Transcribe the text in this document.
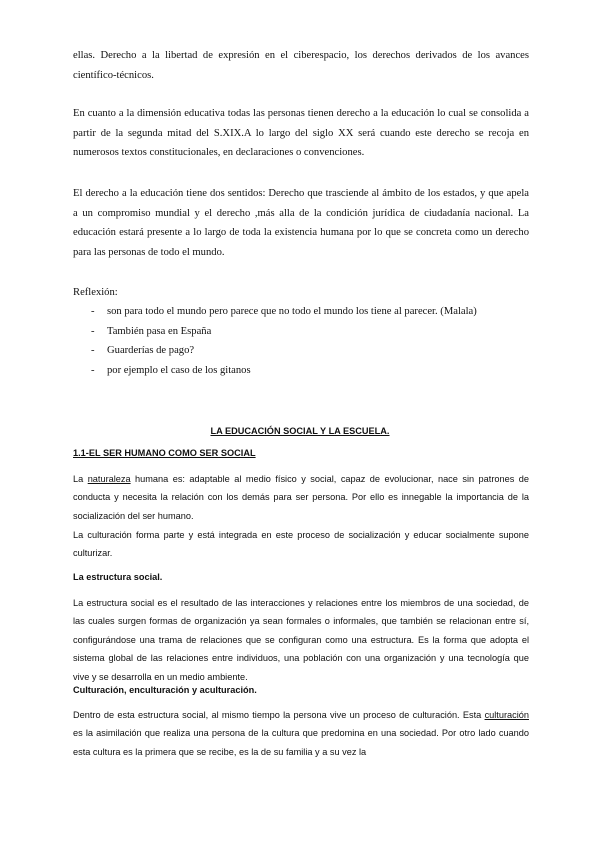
ellas. Derecho a la libertad de expresión en el ciberespacio, los derechos derivados de los avances científico-técnicos.

En cuanto a la dimensión educativa todas las personas tienen derecho a la educación lo cual se consolida a partir de la segunda mitad del S.XIX.A lo largo del siglo XX será cuando este derecho se recoja en numerosos textos constitucionales, en declaraciones o convenciones.

El derecho a la educación tiene dos sentidos: Derecho que trasciende al ámbito de los estados, y que apela a un compromiso mundial y el derecho ,más alla de la condición jurídica de ciudadanía nacional. La educación estará presente a lo largo de toda la existencia humana por lo que se concreta como un derecho para las personas de todo el mundo.

Reflexión:

- son para todo el mundo pero parece que no todo el mundo los tiene al parecer. (Malala)
- También pasa en España
- Guarderías de pago?
- por ejemplo el caso de los gitanos

LA EDUCACIÓN SOCIAL Y LA ESCUELA.

1.1-EL SER HUMANO COMO SER SOCIAL

La naturaleza humana es: adaptable al medio físico y social, capaz de evolucionar, nace sin patrones de conducta y necesita la relación con los demás para ser persona. Por ello es innegable la importancia de la socialización del ser humano.

La culturación forma parte y está integrada en este proceso de socialización y educar socialmente supone culturizar.

La estructura social.

La estructura social es el resultado de las interacciones y relaciones entre los miembros de una sociedad, de las cuales surgen formas de organización ya sean formales o informales, que también se relacionan entre sí, configurándose una trama de relaciones que se configuran como una estructura. Es la forma que adopta el sistema global de las relaciones entre individuos, una población con una organización y una tecnología que vive y se desarrolla en un medio ambiente.

Culturación, enculturación y aculturación.

Dentro de esta estructura social, al mismo tiempo la persona vive un proceso de culturación. Esta culturación es la asimilación que realiza una persona de la cultura que predomina en una sociedad. Por otro lado cuando esta cultura es la primera que se recibe, es la de su familia y a su vez la
